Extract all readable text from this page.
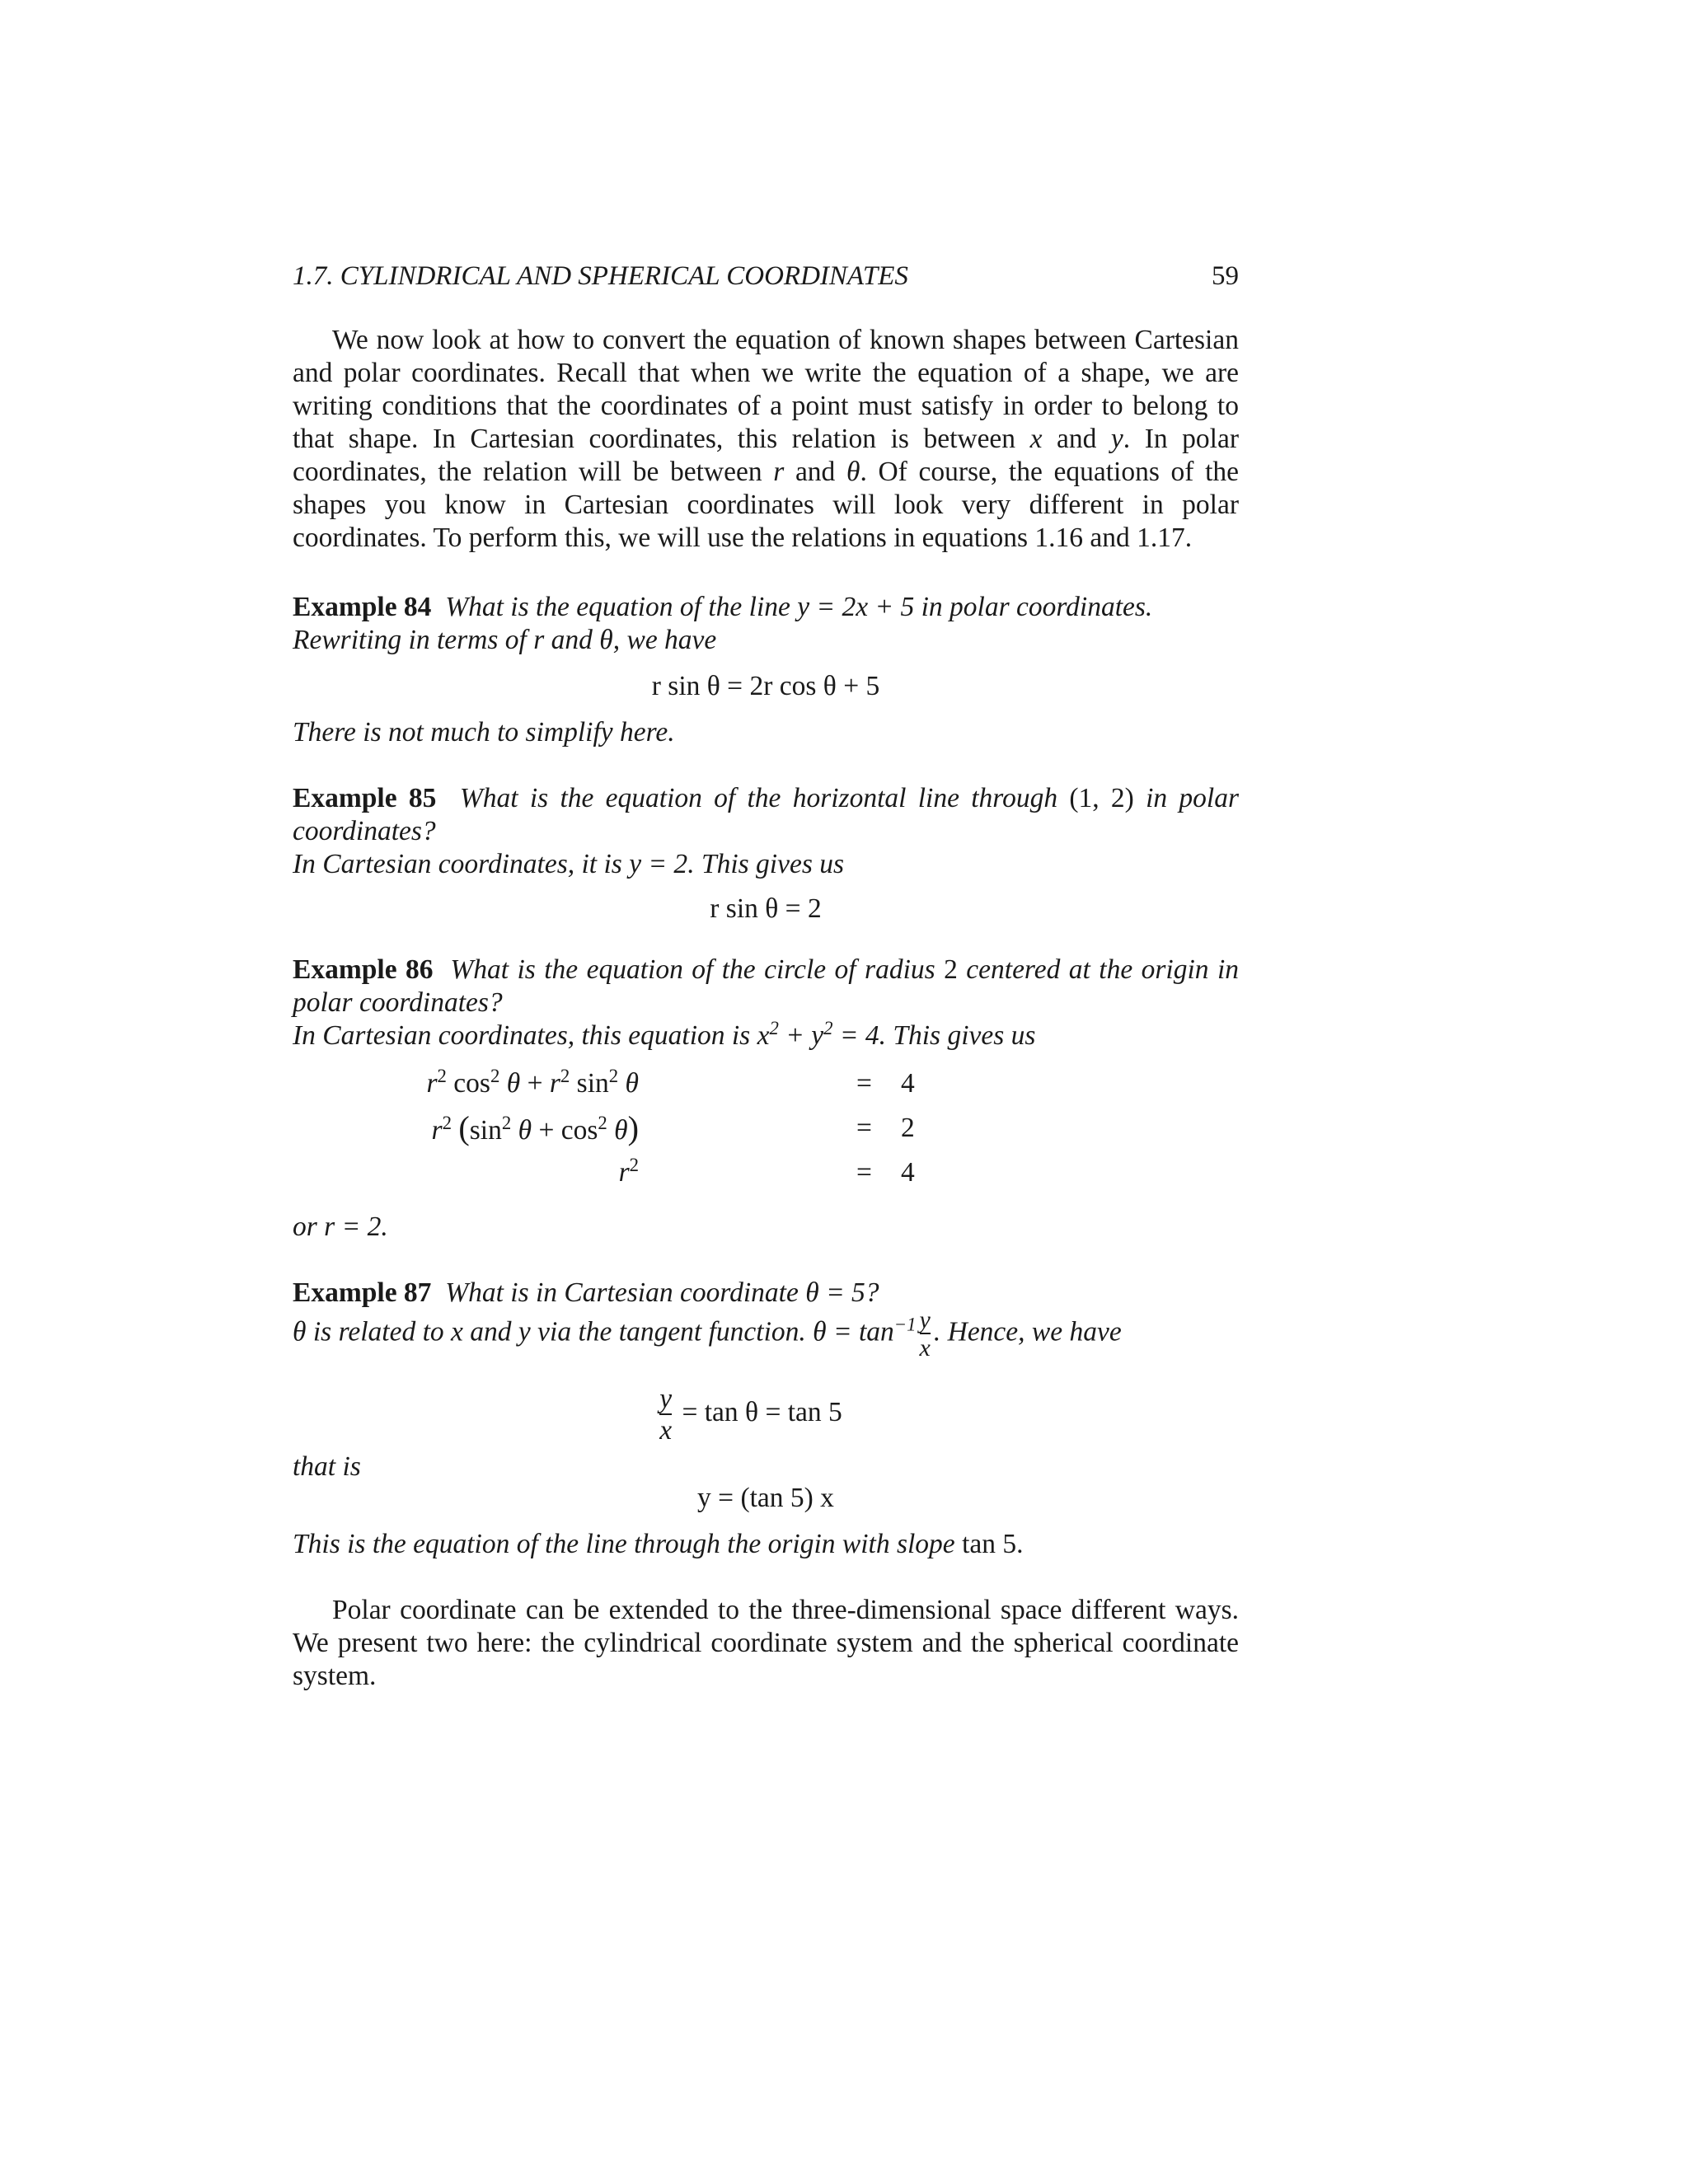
1.7. CYLINDRICAL AND SPHERICAL COORDINATES	59

We now look at how to convert the equation of known shapes between Cartesian and polar coordinates. Recall that when we write the equation of a shape, we are writing conditions that the coordinates of a point must satisfy in order to belong to that shape. In Cartesian coordinates, this relation is between x and y. In polar coordinates, the relation will be between r and θ. Of course, the equations of the shapes you know in Cartesian coordinates will look very different in polar coordinates. To perform this, we will use the relations in equations 1.16 and 1.17.

Example 84 What is the equation of the line y = 2x + 5 in polar coordinates.
Rewriting in terms of r and θ, we have

r sin θ = 2r cos θ + 5

There is not much to simplify here.

Example 85 What is the equation of the horizontal line through (1, 2) in polar coordinates?
In Cartesian coordinates, it is y = 2. This gives us

r sin θ = 2

Example 86 What is the equation of the circle of radius 2 centered at the origin in polar coordinates?
In Cartesian coordinates, this equation is $x^2 + y^2 = 4$. This gives us

$r^2$ $\cos^2 \theta + r^2$ $\sin^2 \theta$	= 4
$r^2$ ($\sin^2$ $\theta + \cos^2 \theta$)	= 2
$r^2$	= 4

or r = 2.

Example 87 What is in Cartesian coordinate θ = 5?

θ is related to x and y via the tangent function. $\theta = \tan^{-1} \frac{y}{x}$ . Hence, we have

$\frac{y}{x} = \tan \theta = \tan 5$

that is

y = (tan 5) x

This is the equation of the line through the origin with slope tan 5.

Polar coordinate can be extended to the three-dimensional space different ways. We present two here: the cylindrical coordinate system and the spherical coordinate system.
